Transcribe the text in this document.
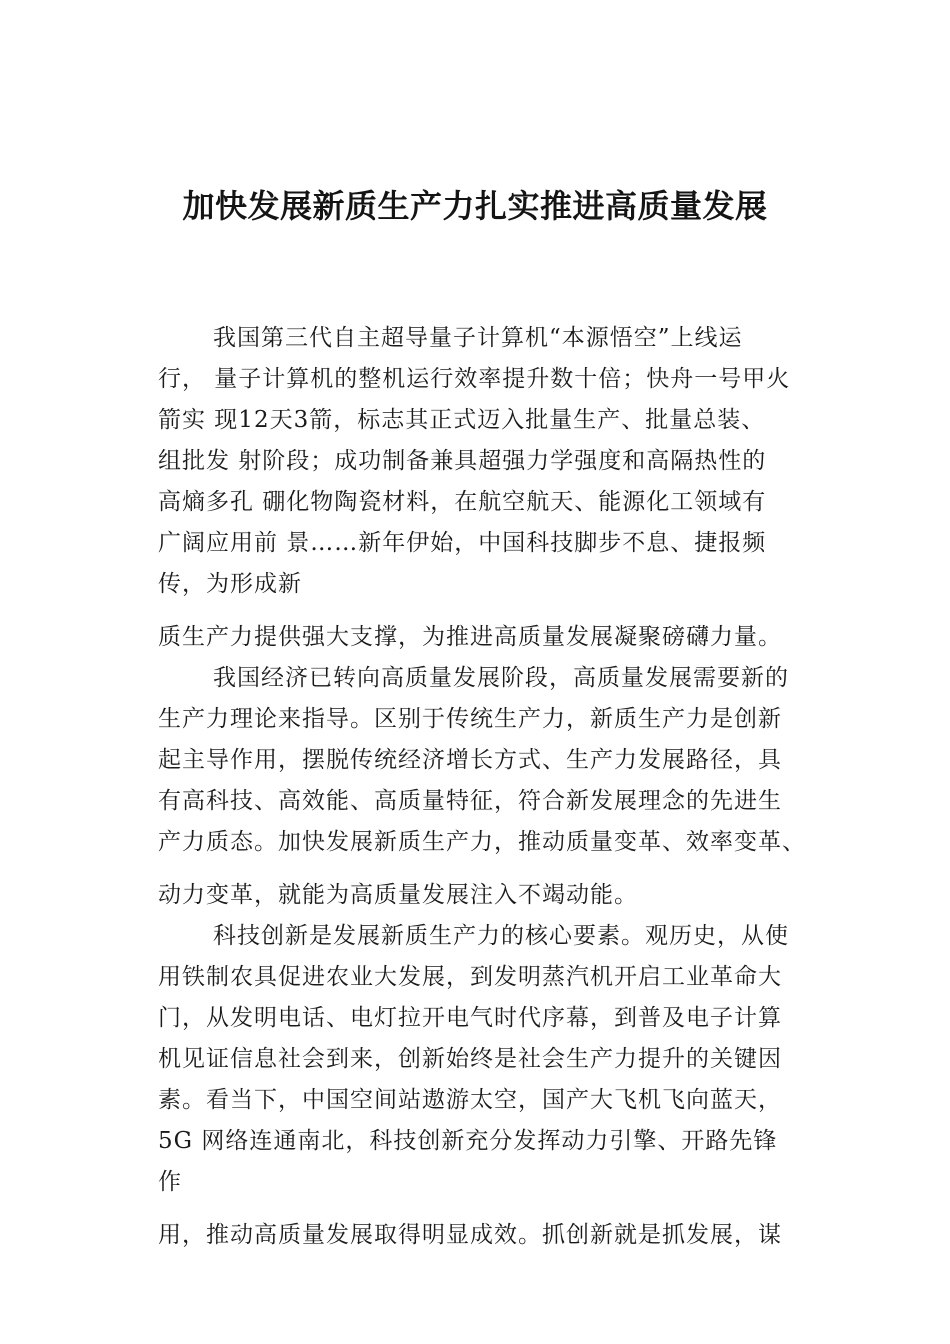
加快发展新质生产力扎实推进高质量发展
我国第三代自主超导量子计算机“本源悟空”上线运
行， 量子计算机的整机运行效率提升数十倍；快舟一号甲火
箭实 现12天3箭，标志其正式迈入批量生产、批量总装、
组批发 射阶段；成功制备兼具超强力学强度和高隔热性的
高熵多孔 硼化物陶瓷材料，在航空航天、能源化工领域有
广阔应用前 景……新年伊始，中国科技脚步不息、捷报频
传，为形成新
质生产力提供强大支撑，为推进高质量发展凝聚磅礴力量。
我国经济已转向高质量发展阶段，高质量发展需要新的
生产力理论来指导。区别于传统生产力，新质生产力是创新
起主导作用，摆脱传统经济增长方式、生产力发展路径，具
有高科技、高效能、高质量特征，符合新发展理念的先进生
产力质态。加快发展新质生产力，推动质量变革、效率变革、
动力变革，就能为高质量发展注入不竭动能。
科技创新是发展新质生产力的核心要素。观历史，从使
用铁制农具促进农业大发展，到发明蒸汽机开启工业革命大
门，从发明电话、电灯拉开电气时代序幕，到普及电子计算
机见证信息社会到来，创新始终是社会生产力提升的关键因
素。看当下，中国空间站遨游太空，国产大飞机飞向蓝天，
5G 网络连通南北，科技创新充分发挥动力引擎、开路先锋
作
用，推动高质量发展取得明显成效。抓创新就是抓发展，谋
